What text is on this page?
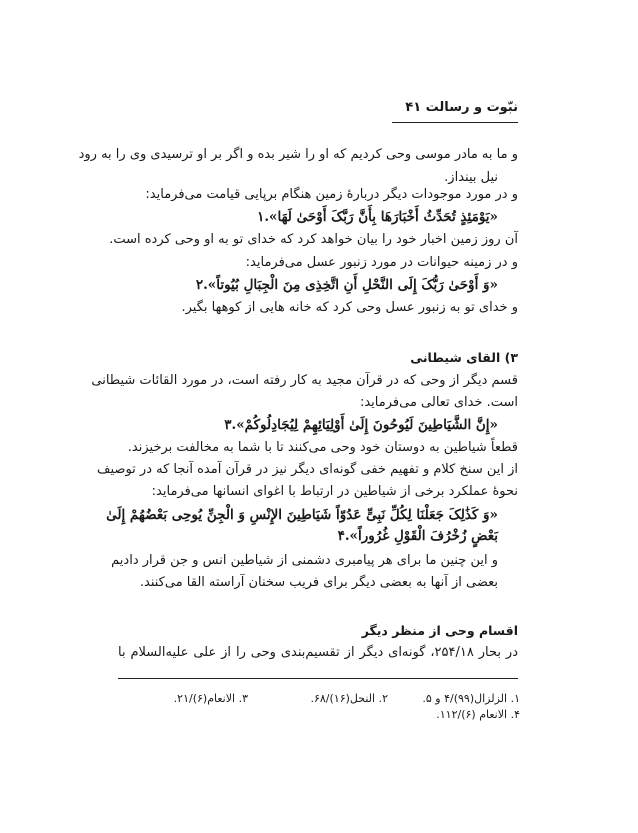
نبّوت و رسالت ۴۱
و ما به مادر موسی وحی کردیم که او را شیر بده و اگر بر او ترسیدی وی را به رود
نیل بینداز.
و در مورد موجودات دیگر دربارهٔ زمین هنگام برپایی قیامت می‌فرماید:
«یَوْمَئِذٍ تُحَدِّثُ أَخْبَارَهَا بِأَنَّ رَبَّکَ أَوْحَىٰ لَهَا».۱
آن روز زمین اخبار خود را بیان خواهد کرد که خدای تو به او وحی کرده است.
و در زمینه حیوانات در مورد زنبور عسل می‌فرماید:
«وَ أَوْحَىٰ رَبُّکَ إِلَى النَّحْلِ أَنِ اتَّخِذِی مِنَ الْجِبَالِ بُیُوتاً».۲
و خدای تو به زنبور عسل وحی کرد که خانه هایی از کوهها بگیر.
۳) القای شیطانی
قسم دیگر از وحی که در قرآن مجید به کار رفته است، در مورد القائات شیطانی
است. خدای تعالی می‌فرماید:
«إِنَّ الشَّیَاطِینَ لَیُوحُونَ إِلَىٰ أَوْلِیَائِهِمْ لِیُجَادِلُوکُمْ».۳
قطعاً شیاطین به دوستان خود وحی می‌کنند تا با شما به مخالفت برخیزند.
از این سنخ کلام و تفهیم خفی گونه‌ای دیگر نیز در قرآن آمده آنجا که در توصیف
نحوهٔ عملکرد برخی از شیاطین در ارتباط با اغوای انسانها می‌فرماید:
«وَ کَذَٰلِکَ جَعَلْنَا لِکُلِّ نَبِیٍّ عَدُوّاً شَیَاطِینَ الإِنْسِ وَ الْجِنِّ یُوحِی بَعْضُهُمْ إِلَىٰ
بَعْضٍ زُخْرُفَ الْقَوْلِ غُرُوراً».۴
و این چنین ما برای هر پیامبری دشمنی از شیاطین انس و جن قرار دادیم
بعضی از آنها به بعضی دیگر برای فریب سخنان آراسته القا می‌کنند.
اقسام وحی از منظر دیگر
در بحار ۲۵۴/۱۸، گونه‌ای دیگر از تقسیم‌بندی وحی را از علی علیه‌السلام با
۱. الزلزال(۹۹)/۴ و ۵.
۲. النحل(۱۶)/۶۸.
۳. الانعام(۶)/۲۱.
۴. الانعام (۶)/۱۱۲.
